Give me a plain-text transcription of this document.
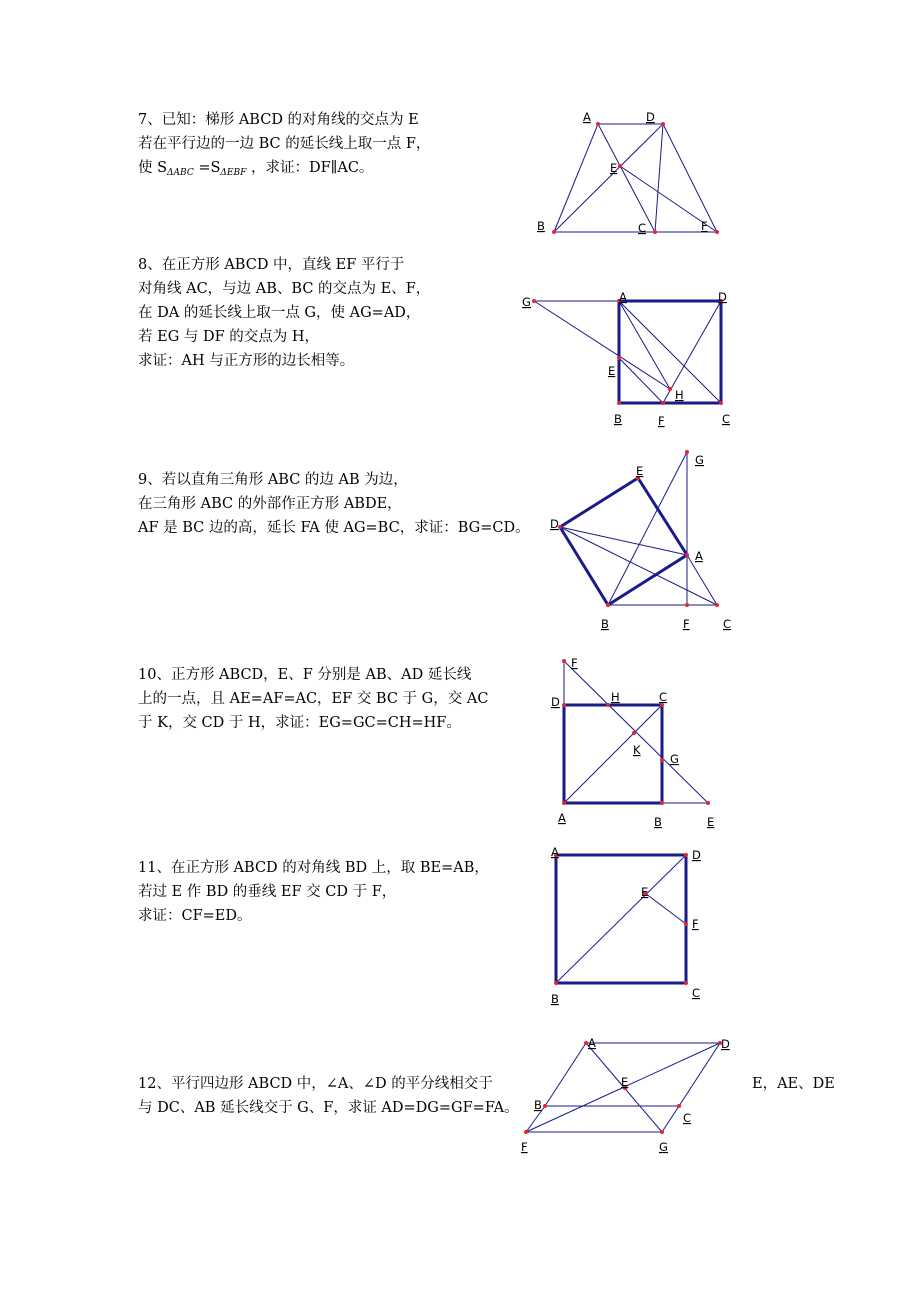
7、已知：梯形 ABCD 的对角线的交点为 E

若在平行边的一边 BC 的延长线上取一点 F，

使 $S_{\Delta ABC} =S_{\Delta EBF}$ ，求证：DF∥AC。

A	D
E
B	C	F

8、在正方形 ABCD 中，直线 EF 平行于

对角线 AC，与边 AB、BC 的交点为 E、F，

在 DA 的延长线上取一点 G，使 AG=AD，

若 EG 与 DF 的交点为 H，

求证：AH 与正方形的边长相等。

G	A	D
E
H
B	F	C

9、若以直角三角形 ABC 的边 AB 为边，

在三角形 ABC 的外部作正方形 ABDE，

AF 是 BC 边的高，延长 FA 使 AG=BC，求证：BG=CD。

E
G
D
A
B	F	C

10、正方形 ABCD，E、F 分别是 AB、AD 延长线

上的一点，且 AE=AF=AC，EF 交 BC 于 G，交 AC

于 K，交 CD 于 H，求证：EG=GC=CH=HF。

F
D	H	C
K
G
A	B	E

11、在正方形 ABCD 的对角线 BD 上，取 BE=AB，

若过 E 作 BD 的垂线 EF 交 CD 于 F，

求证：CF=ED。

A	D
E
F
B	C

12、平行四边形 ABCD 中，∠A、∠D 的平分线相交于

与 DC、AB 延长线交于 G、F，求证 AD=DG=GF=FA。

E，AE、DE
A	D
E
B
C
F	G
